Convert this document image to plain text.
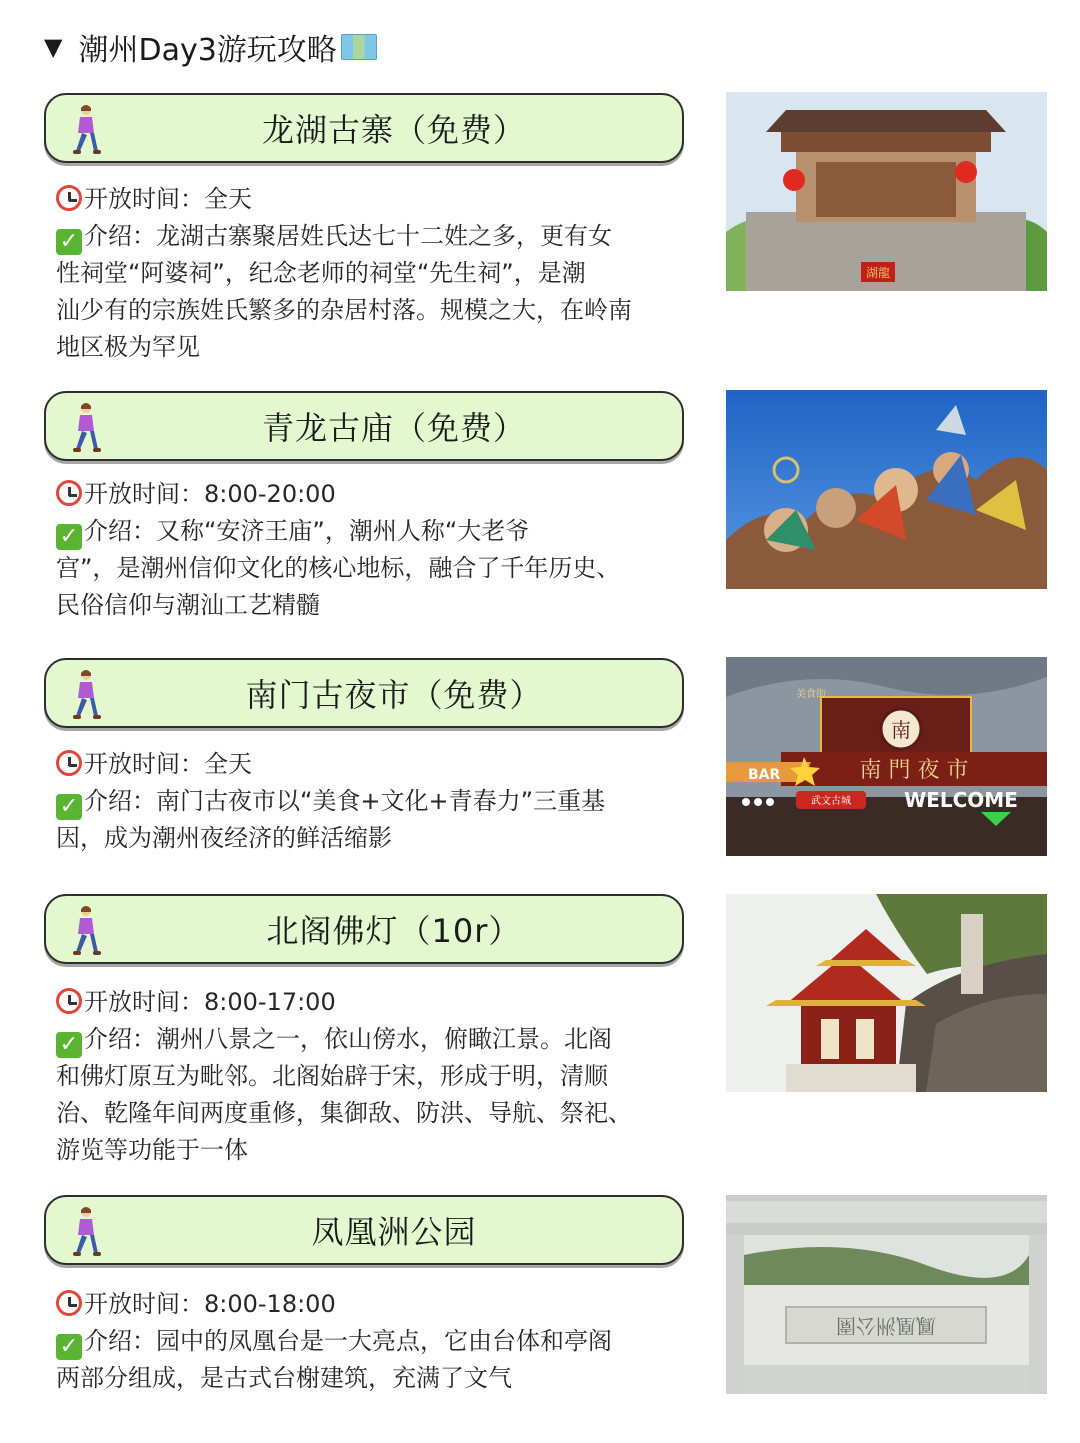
▼ 潮州Day3游玩攻略
龙湖古寨（免费）
开放时间：全天
✓ 介绍：龙湖古寨聚居姓氏达七十二姓之多，更有女
性祠堂“阿婆祠”，纪念老师的祠堂“先生祠”，是潮
汕少有的宗族姓氏繁多的杂居村落。规模之大，在岭南
地区极为罕见
湖龍
青龙古庙（免费）
开放时间：8:00-20:00
✓ 介绍：又称“安济王庙”，潮州人称“大老爷
宫”，是潮州信仰文化的核心地标，融合了千年历史、
民俗信仰与潮汕工艺精髓
南门古夜市（免费）
开放时间：全天
✓ 介绍：南门古夜市以“美食+文化+青春力”三重基
因，成为潮州夜经济的鲜活缩影
南
南 門 夜 市
美食街
BAR
武文古城	WELCOME
北阁佛灯（10r）
开放时间：8:00-17:00
✓ 介绍：潮州八景之一，依山傍水，俯瞰江景。北阁
和佛灯原互为毗邻。北阁始辟于宋，形成于明，清顺
治、乾隆年间两度重修，集御敌、防洪、导航、祭祀、
游览等功能于一体
凤凰洲公园
开放时间：8:00-18:00
✓ 介绍：园中的凤凰台是一大亮点，它由台体和亭阁
两部分组成，是古式台榭建筑，充满了文气
鳳凰洲公園
